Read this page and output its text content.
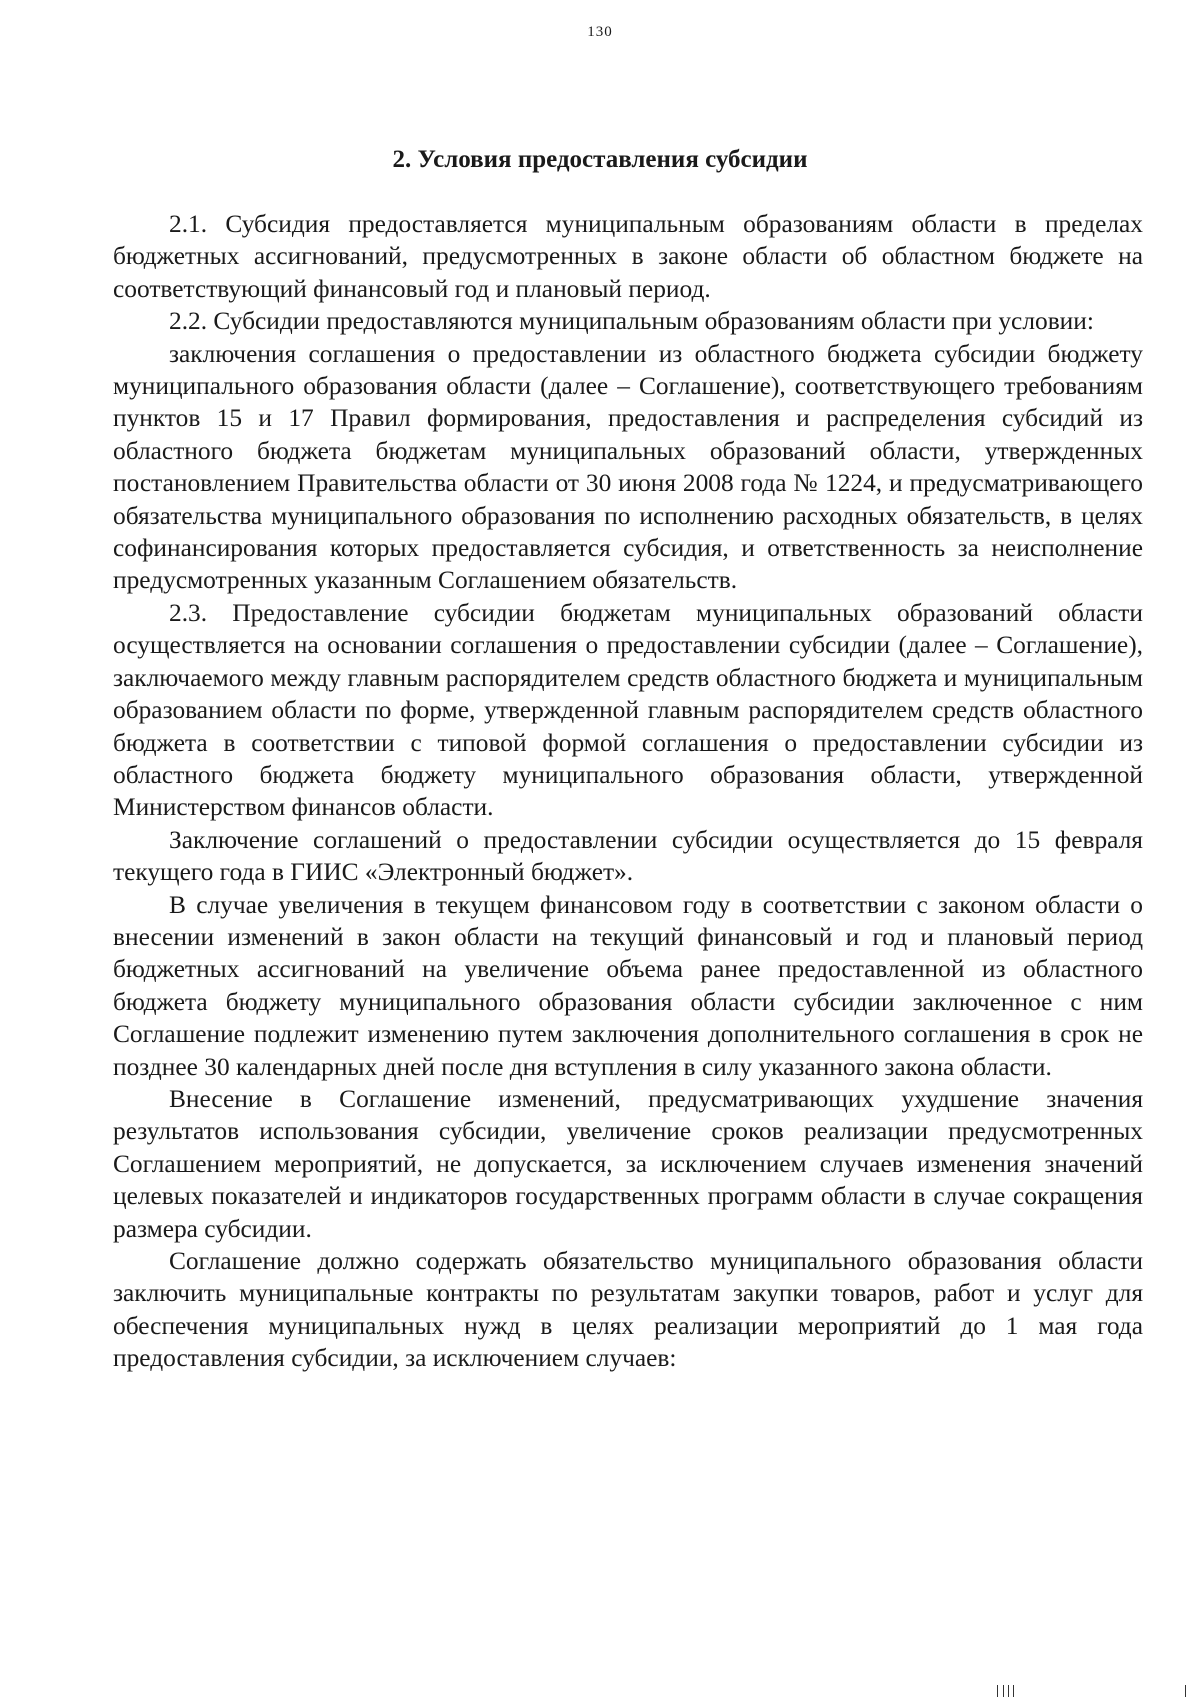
130
2. Условия предоставления субсидии

2.1. Субсидия предоставляется муниципальным образованиям области в пределах бюджетных ассигнований, предусмотренных в законе области об областном бюджете на соответствующий финансовый год и плановый период.

2.2. Субсидии предоставляются муниципальным образованиям области при условии:

заключения соглашения о предоставлении из областного бюджета субсидии бюджету муниципального образования области (далее – Соглашение), соответствующего требованиям пунктов 15 и 17 Правил формирования, предоставления и распределения субсидий из областного бюджета бюджетам муниципальных образований области, утвержденных постановлением Правительства области от 30 июня 2008 года № 1224, и предусматривающего обязательства муниципального образования по исполнению расходных обязательств, в целях софинансирования которых предоставляется субсидия, и ответственность за неисполнение предусмотренных указанным Соглашением обязательств.

2.3. Предоставление субсидии бюджетам муниципальных образований области осуществляется на основании соглашения о предоставлении субсидии (далее – Соглашение), заключаемого между главным распорядителем средств областного бюджета и муниципальным образованием области по форме, утвержденной главным распорядителем средств областного бюджета в соответствии с типовой формой соглашения о предоставлении субсидии из областного бюджета бюджету муниципального образования области, утвержденной Министерством финансов области.

Заключение соглашений о предоставлении субсидии осуществляется до 15 февраля текущего года в ГИИС «Электронный бюджет».

В случае увеличения в текущем финансовом году в соответствии с законом области о внесении изменений в закон области на текущий финансовый и год и плановый период бюджетных ассигнований на увеличение объема ранее предоставленной из областного бюджета бюджету муниципального образования области субсидии заключенное с ним Соглашение подлежит изменению путем заключения дополнительного соглашения в срок не позднее 30 календарных дней после дня вступления в силу указанного закона области.

Внесение в Соглашение изменений, предусматривающих ухудшение значения результатов использования субсидии, увеличение сроков реализации предусмотренных Соглашением мероприятий, не допускается, за исключением случаев изменения значений целевых показателей и индикаторов государственных программ области в случае сокращения размера субсидии.

Соглашение должно содержать обязательство муниципального образования области заключить муниципальные контракты по результатам закупки товаров, работ и услуг для обеспечения муниципальных нужд в целях реализации мероприятий до 1 мая года предоставления субсидии, за исключением случаев:
